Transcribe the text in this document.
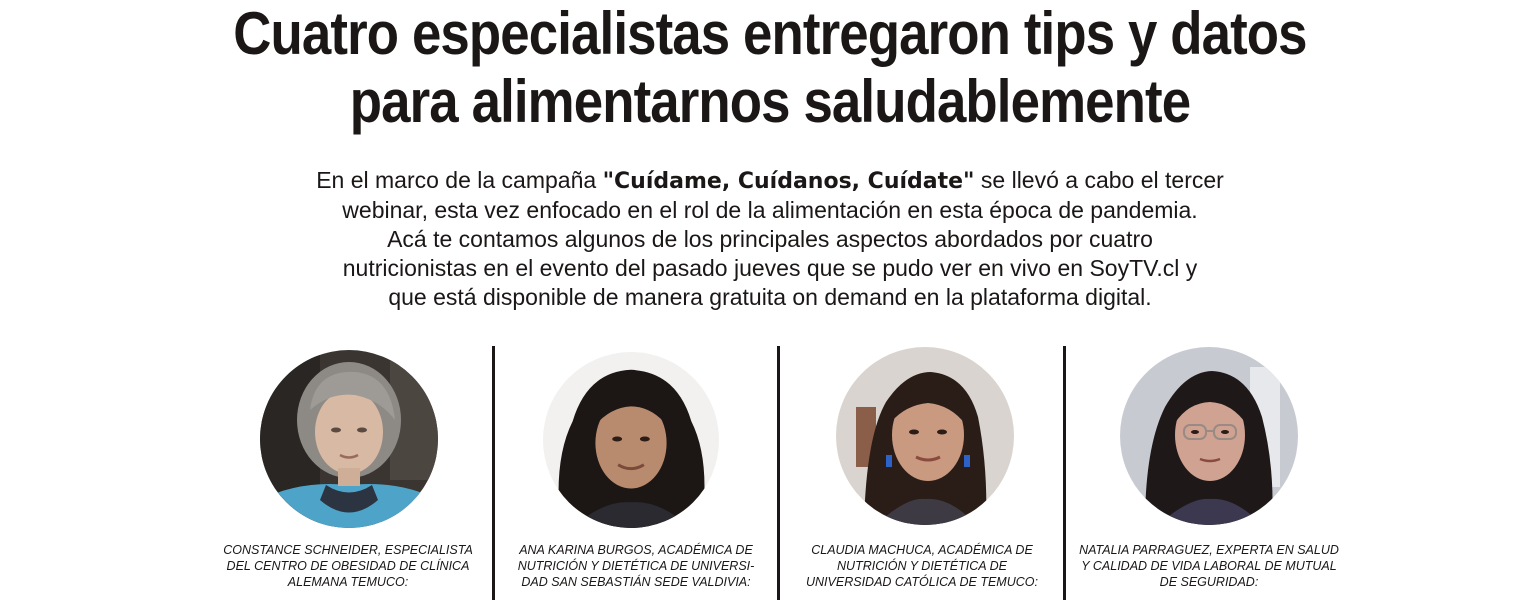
Cuatro especialistas entregaron tips y datos
para alimentarnos saludablemente

En el marco de la campaña "Cuídame, Cuídanos, Cuídate" se llevó a cabo el tercer
webinar, esta vez enfocado en el rol de la alimentación en esta época de pandemia.
Acá te contamos algunos de los principales aspectos abordados por cuatro
nutricionistas en el evento del pasado jueves que se pudo ver en vivo en SoyTV.cl y
que está disponible de manera gratuita on demand en la plataforma digital.

CONSTANCE SCHNEIDER, ESPECIALISTA
DEL CENTRO DE OBESIDAD DE CLÍNICA
ALEMANA TEMUCO:

ANA KARINA BURGOS, ACADÉMICA DE
NUTRICIÓN Y DIETÉTICA DE UNIVERSI-
DAD SAN SEBASTIÁN SEDE VALDIVIA:

CLAUDIA MACHUCA, ACADÉMICA DE
NUTRICIÓN Y DIETÉTICA DE
UNIVERSIDAD CATÓLICA DE TEMUCO:

NATALIA PARRAGUEZ, EXPERTA EN SALUD
Y CALIDAD DE VIDA LABORAL DE MUTUAL
DE SEGURIDAD:
